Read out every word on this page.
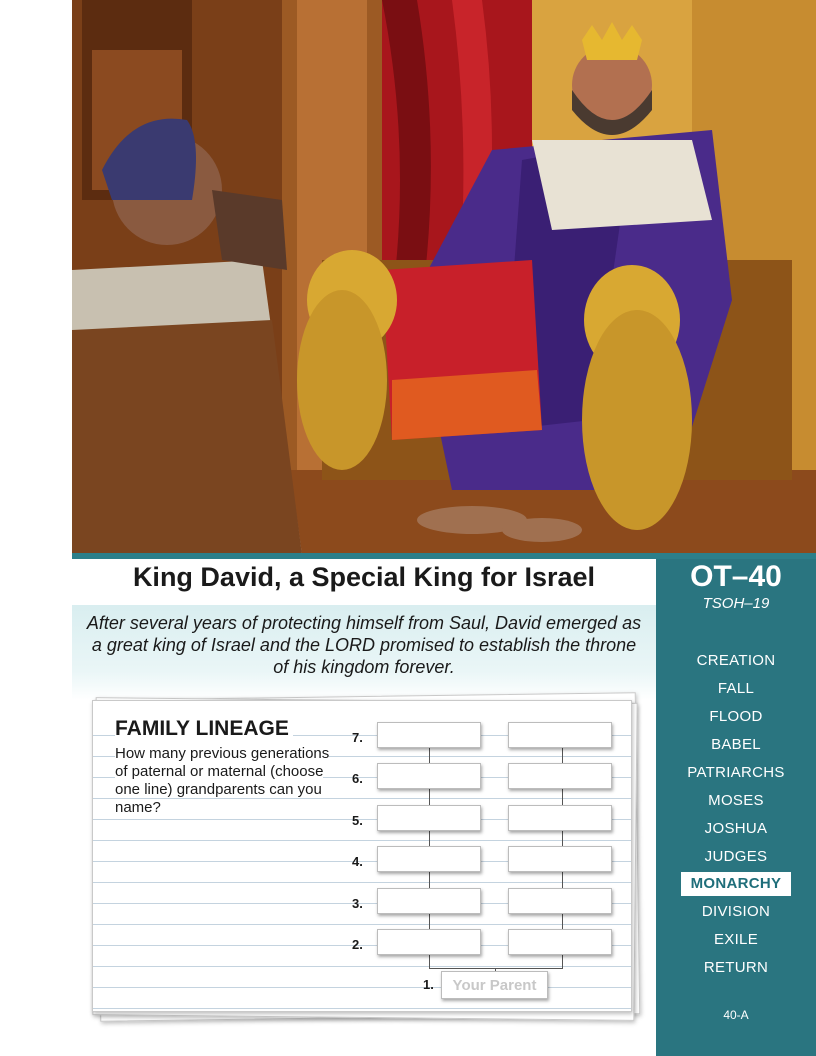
King David, a Special King for Israel
After several years of protecting himself from Saul, David emerged as a great king of Israel and the LORD promised to establish the throne of his kingdom forever.
FAMILY LINEAGE
How many previous generations of paternal or maternal (choose one line) grandparents can you name?
7.
6.
5.
4.
3.
2.
1.	Your Parent
OT–40
TSOH–19
CREATION
FALL
FLOOD
BABEL
PATRIARCHS
MOSES
JOSHUA
JUDGES
MONARCHY
DIVISION
EXILE
RETURN
40-A
